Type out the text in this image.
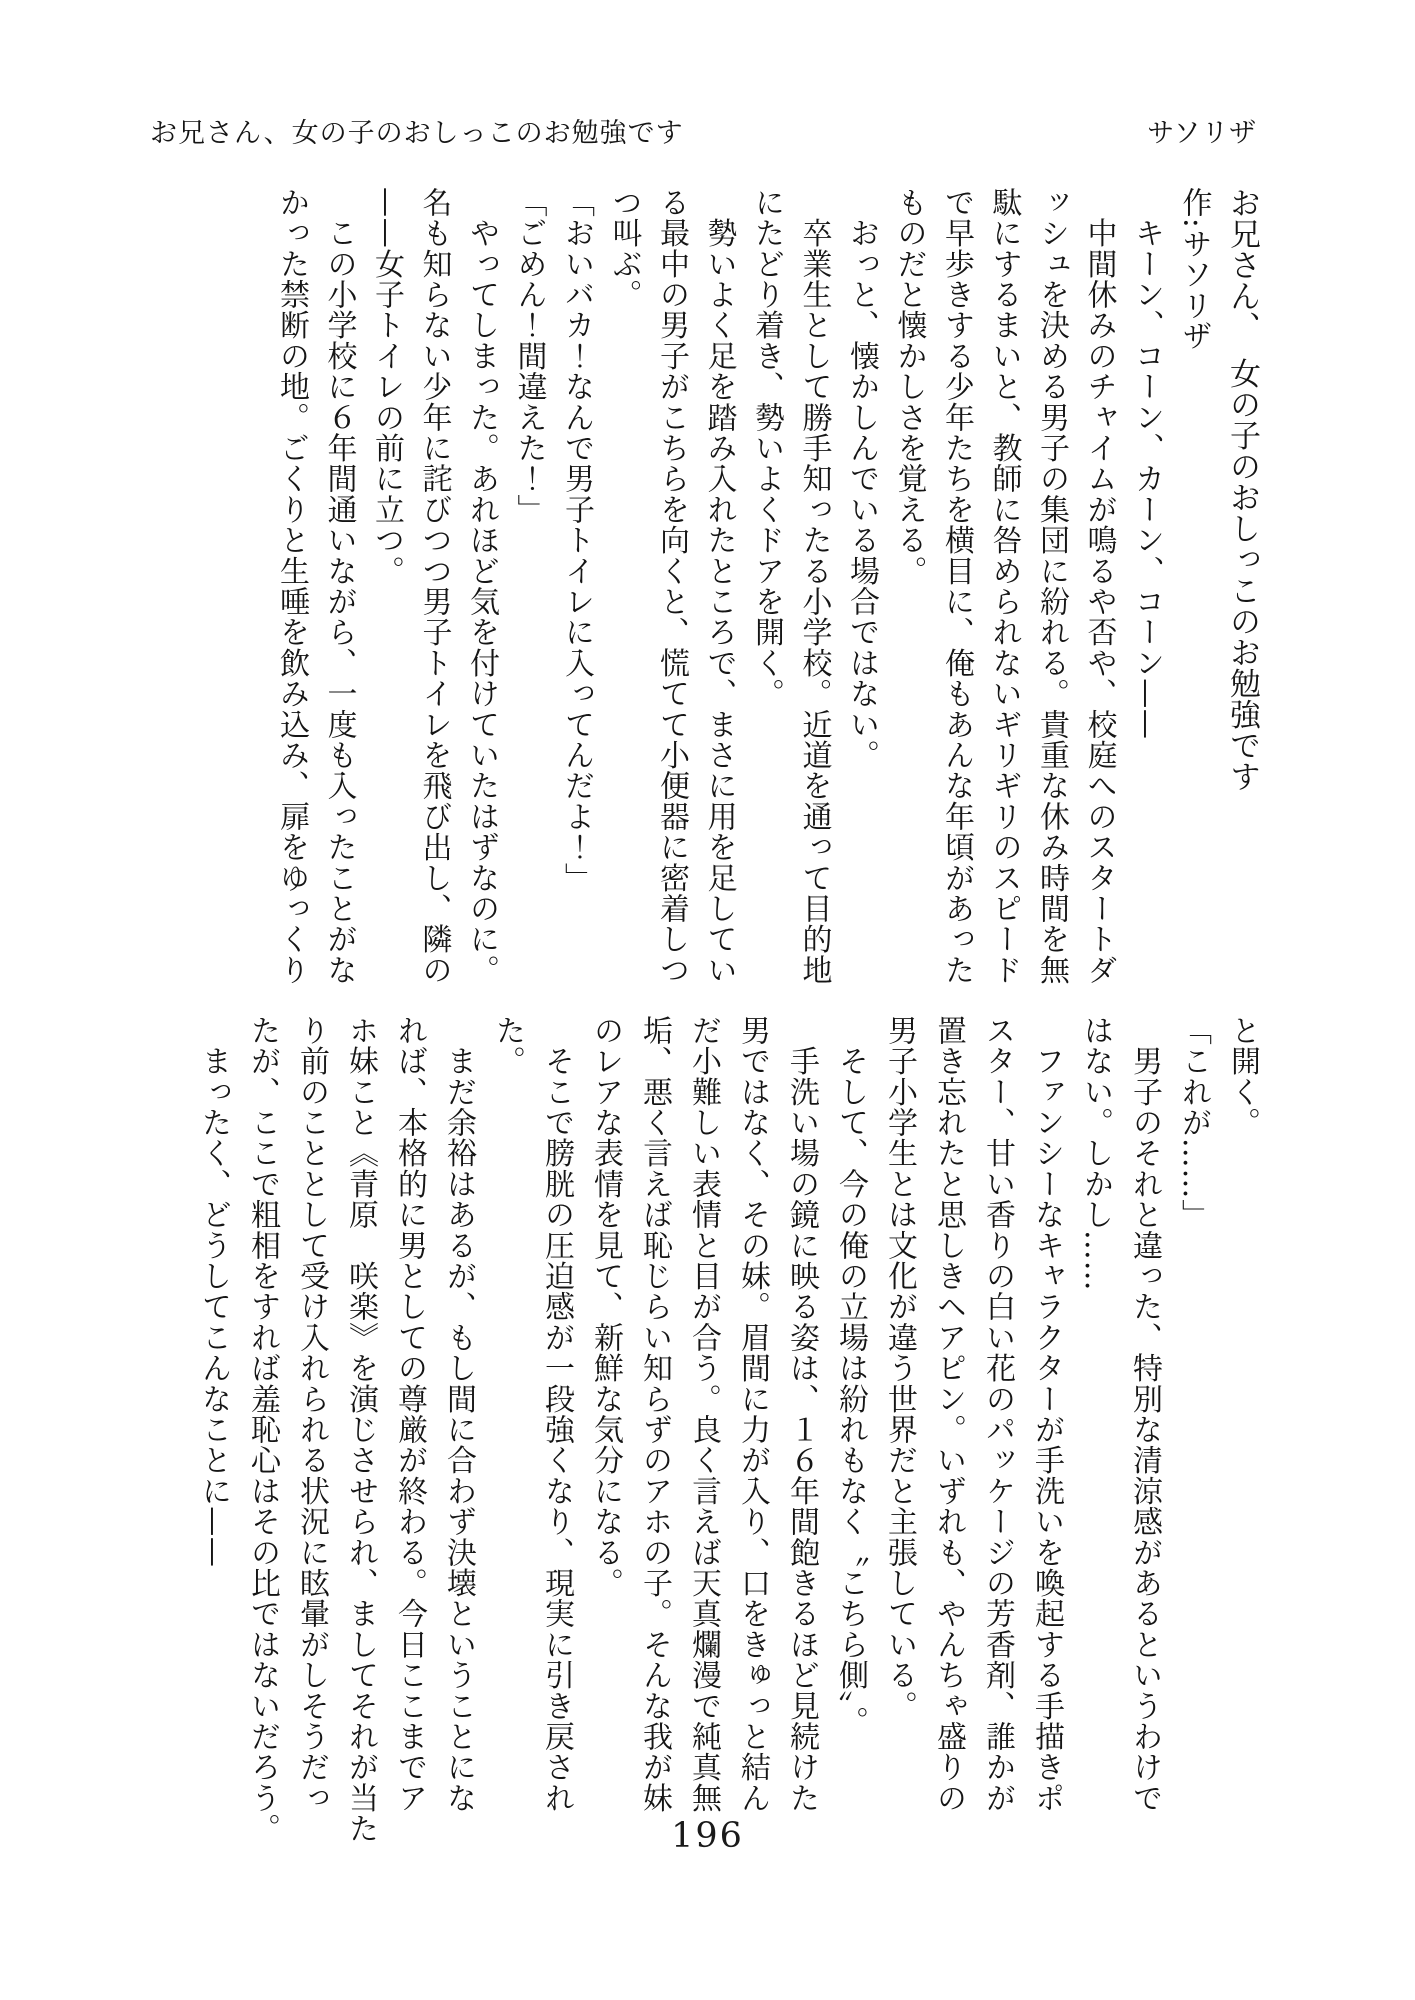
お兄さん、女の子のおしっこのお勉強です	サソリザ

お兄さん、　女の子のおしっこのお勉強です

作:サソリザ

　キーン、コーン、カーン、コーン——

　中間休みのチャイムが鳴るや否や、校庭へのスタートダ

ッシュを決める男子の集団に紛れる。貴重な休み時間を無

駄にするまいと、教師に咎められないギリギリのスピード

で早歩きする少年たちを横目に、俺もあんな年頃があった

ものだと懐かしさを覚える。

　おっと、懐かしんでいる場合ではない。

　卒業生として勝手知ったる小学校。近道を通って目的地

にたどり着き、勢いよくドアを開く。

　勢いよく足を踏み入れたところで、まさに用を足してい

る最中の男子がこちらを向くと、慌てて小便器に密着しつ

つ叫ぶ。

「おいバカ！なんで男子トイレに入ってんだよ！」

「ごめん！間違えた！」

　やってしまった。あれほど気を付けていたはずなのに。

名も知らない少年に詫びつつ男子トイレを飛び出し、隣の

——女子トイレの前に立つ。

　この小学校に６年間通いながら、一度も入ったことがな

かった禁断の地。ごくりと生唾を飲み込み、扉をゆっくり

と開く。

「これが……」

　男子のそれと違った、特別な清涼感があるというわけで

はない。しかし……

　ファンシーなキャラクターが手洗いを喚起する手描きポ

スター、甘い香りの白い花のパッケージの芳香剤、誰かが

置き忘れたと思しきヘアピン。いずれも、やんちゃ盛りの

男子小学生とは文化が違う世界だと主張している。

　そして、今の俺の立場は紛れもなく〝こちら側〟。

　手洗い場の鏡に映る姿は、１６年間飽きるほど見続けた

男ではなく、その妹。眉間に力が入り、口をきゅっと結ん

だ小難しい表情と目が合う。良く言えば天真爛漫で純真無

垢、悪く言えば恥じらい知らずのアホの子。そんな我が妹

のレアな表情を見て、新鮮な気分になる。

　そこで膀胱の圧迫感が一段強くなり、現実に引き戻され

た。

　まだ余裕はあるが、もし間に合わず決壊ということにな

れば、本格的に男としての尊厳が終わる。今日ここまでア

ホ妹こと《青原　咲楽》を演じさせられ、ましてそれが当た

り前のこととして受け入れられる状況に眩暈がしそうだっ

たが、ここで粗相をすれば羞恥心はその比ではないだろう。

　まったく、どうしてこんなことに——

196
